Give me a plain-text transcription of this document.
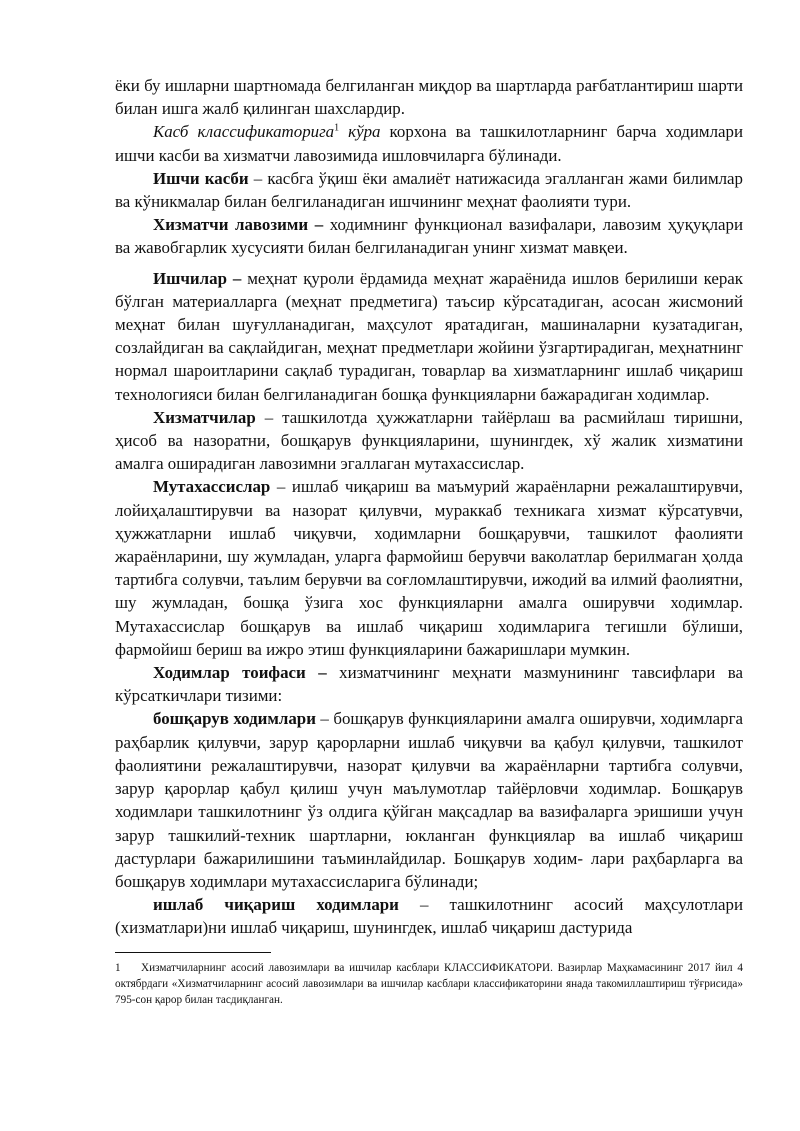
ёки бу ишларни шартномада белгиланган миқдор ва шартларда рағбатлантириш шарти билан ишга жалб қилинган шахслардир.

Касб классификаторига$^1$ кўра корхона ва ташкилотларнинг барча ходимлари ишчи касби ва хизматчи лавозимида ишловчиларга бўлинади.

Ишчи касби – касбга ўқиш ёки амалиёт натижасида эгалланган жами билимлар ва кўникмалар билан белгиланадиган ишчининг меҳнат фаолияти тури.

Хизматчи лавозими – ходимнинг функционал вазифалари, лавозим ҳуқуқлари ва жавобгарлик хусусияти билан белгиланадиган унинг хизмат мавқеи.

Ишчилар – меҳнат қуроли ёрдамида меҳнат жараёнида ишлов берилиши керак бўлган материалларга (меҳнат предметига) таъсир кўрсатадиган, асосан жисмоний меҳнат билан шуғулланадиган, маҳсулот яратадиган, машиналарни кузатадиган, созлайдиган ва сақлайдиган, меҳнат предметлари жойини ўзгартирадиган, меҳнатнинг нормал шароитларини сақлаб турадиган, товарлар ва хизматларнинг ишлаб чиқариш технологияси билан белгиланадиган бошқа функцияларни бажарадиган ходимлар.

Хизматчилар – ташкилотда ҳужжатларни тайёрлаш ва расмийлаш тиришни, ҳисоб ва назоратни, бошқарув функцияларини, шунингдек, хў жалик хизматини амалга оширадиган лавозимни эгаллаган мутахассислар.

Мутахассислар – ишлаб чиқариш ва маъмурий жараёнларни режалаштирувчи, лойиҳалаштирувчи ва назорат қилувчи, мураккаб техникага хизмат кўрсатувчи, ҳужжатларни ишлаб чиқувчи, ходимларни бошқарувчи, ташкилот фаолияти жараёнларини, шу жумладан, уларга фармойиш берувчи ваколатлар берилмаган ҳолда тартибга солувчи, таълим берувчи ва соғломлаштирувчи, ижодий ва илмий фаолиятни, шу жумладан, бошқа ўзига хос функцияларни амалга оширувчи ходимлар. Мутахассислар бошқарув ва ишлаб чиқариш ходимларига тегишли бўлиши, фармойиш бериш ва ижро этиш функцияларини бажаришлари мумкин.

Ходимлар тоифаси – хизматчининг меҳнати мазмунининг тавсифлари ва кўрсаткичлари тизими:

бошқарув ходимлари – бошқарув функцияларини амалга оширувчи, ходимларга раҳбарлик қилувчи, зарур қарорларни ишлаб чиқувчи ва қабул қилувчи, ташкилот фаолиятини режалаштирувчи, назорат қилувчи ва жараёнларни тартибга солувчи, зарур қарорлар қабул қилиш учун маълумотлар тайёрловчи ходимлар. Бошқарув ходимлари ташкилотнинг ўз олдига қўйган мақсадлар ва вазифаларга эришиши учун зарур ташкилий-техник шартларни, юкланган функциялар ва ишлаб чиқариш дастурлари бажарилишини таъминлайдилар. Бошқарув ходим- лари раҳбарларга ва бошқарув ходимлари мутахассисларига бўлинади;

ишлаб чиқариш ходимлари – ташкилотнинг асосий маҳсулотлари (хизматлари)ни ишлаб чиқариш, шунингдек, ишлаб чиқариш дастурида

1 Хизматчиларнинг асосий лавозимлари ва ишчилар касблари КЛАССИФИКАТОРИ. Вазирлар Маҳкамасининг 2017 йил 4 октябрдаги «Хизматчиларнинг асосий лавозимлари ва ишчилар касблари классификаторини янада такомиллаштириш тўғрисида» 795-сон қарор билан тасдиқланган.
